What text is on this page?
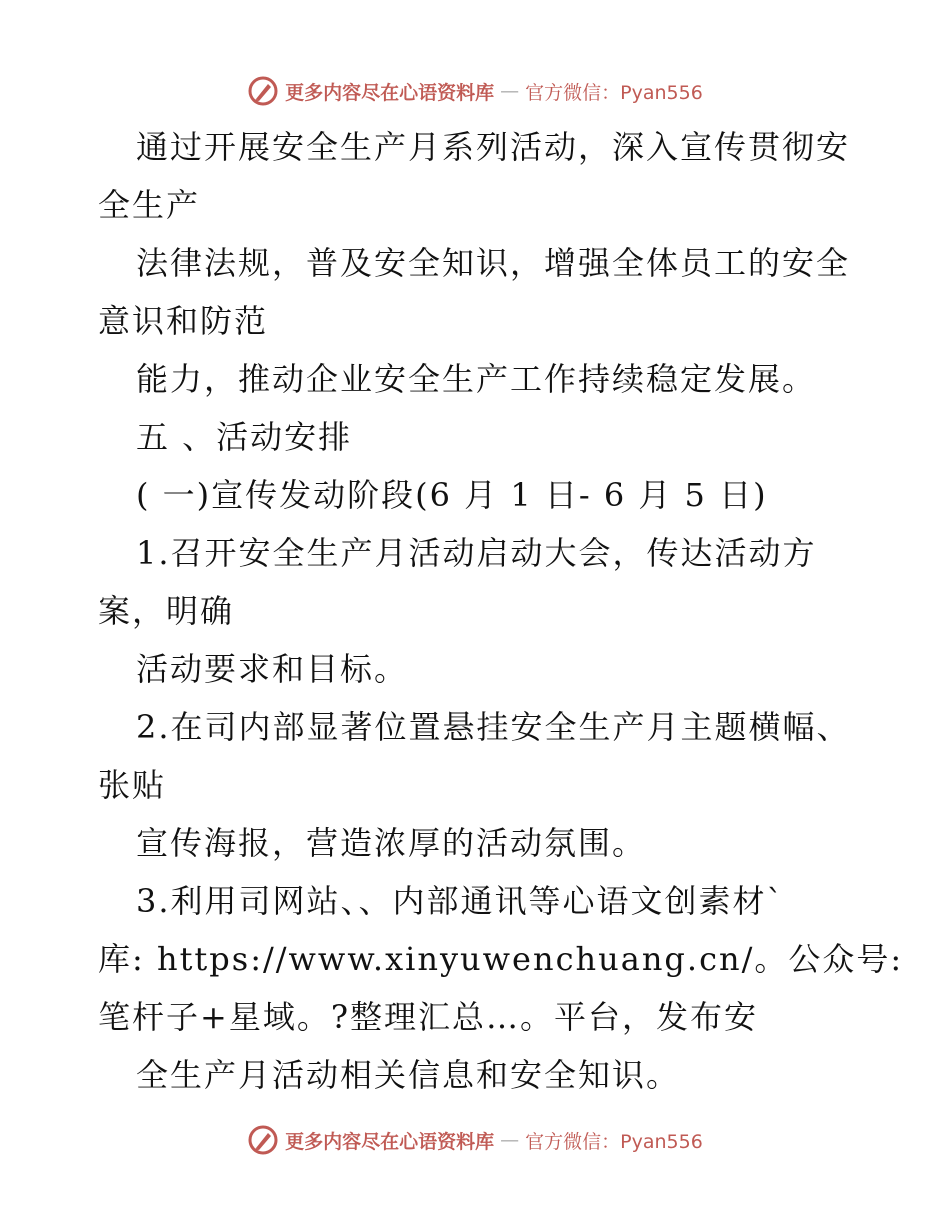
更多内容尽在心语资料库 — 官方微信：Pyan556
通过开展安全生产月系列活动，深入宣传贯彻安
全生产
法律法规，普及安全知识，增强全体员工的安全
意识和防范
能力，推动企业安全生产工作持续稳定发展。
五 、活动安排
( 一)宣传发动阶段(6 月 1 日- 6 月 5 日)
1.召开安全生产月活动启动大会，传达活动方
案，明确
活动要求和目标。
2.在司内部显著位置悬挂安全生产月主题横幅、
张贴
宣传海报，营造浓厚的活动氛围。
3.利用司网站、、内部通讯等心语文创素材ˋ
库: https://www.xinyuwenchuang.cn/。公众号:
笔杆子+星域。?整理汇总…。平台，发布安
全生产月活动相关信息和安全知识。
更多内容尽在心语资料库 — 官方微信：Pyan556
